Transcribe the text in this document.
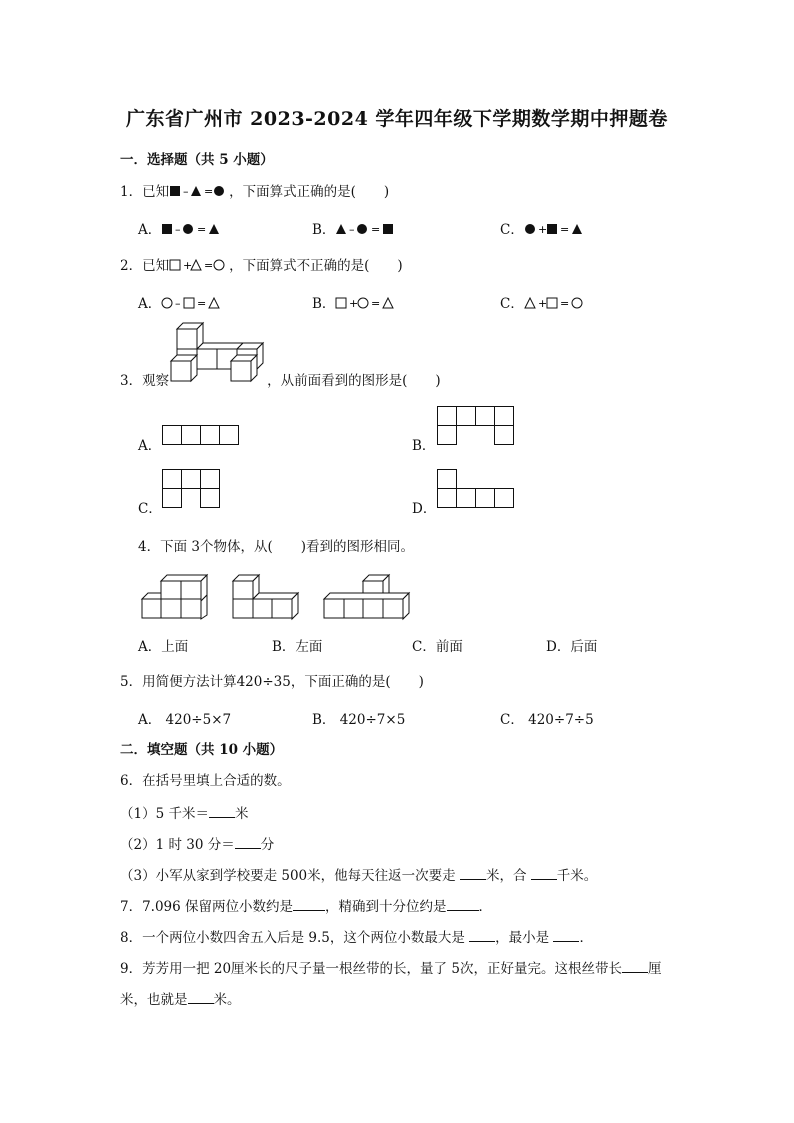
广东省广州市 2023-2024 学年四年级下学期数学期中押题卷
一．选择题（共 5 小题）
1．已知 – = ，下面算式正确的是( )
A． – =	B． – =	C． + =
2．已知 + = ，下面算式不正确的是( )
A． – =	B． + =	C． + =
3．观察	，从前面看到的图形是( )
A．	B．
C．	D．
4．下面 3个物体，从( )看到的图形相同。
A．上面	B．左面	C．前面	D．后面
5．用简便方法计算420÷35，下面正确的是( )
A． 420÷5×7	B． 420÷7×5	C． 420÷7÷5
二．填空题（共 10 小题）
6．在括号里填上合适的数。
（1）5 千米＝ 米
（2）1 时 30 分＝ 分
（3）小军从家到学校要走 500米，他每天往返一次要走 米，合 千米。
7．7.096 保留两位小数约是 ，精确到十分位约是 ．
8．一个两位小数四舍五入后是 9.5，这个两位小数最大是 ，最小是 ．
9．芳芳用一把 20厘米长的尺子量一根丝带的长，量了 5次，正好量完。这根丝带长 厘
米，也就是 米。
